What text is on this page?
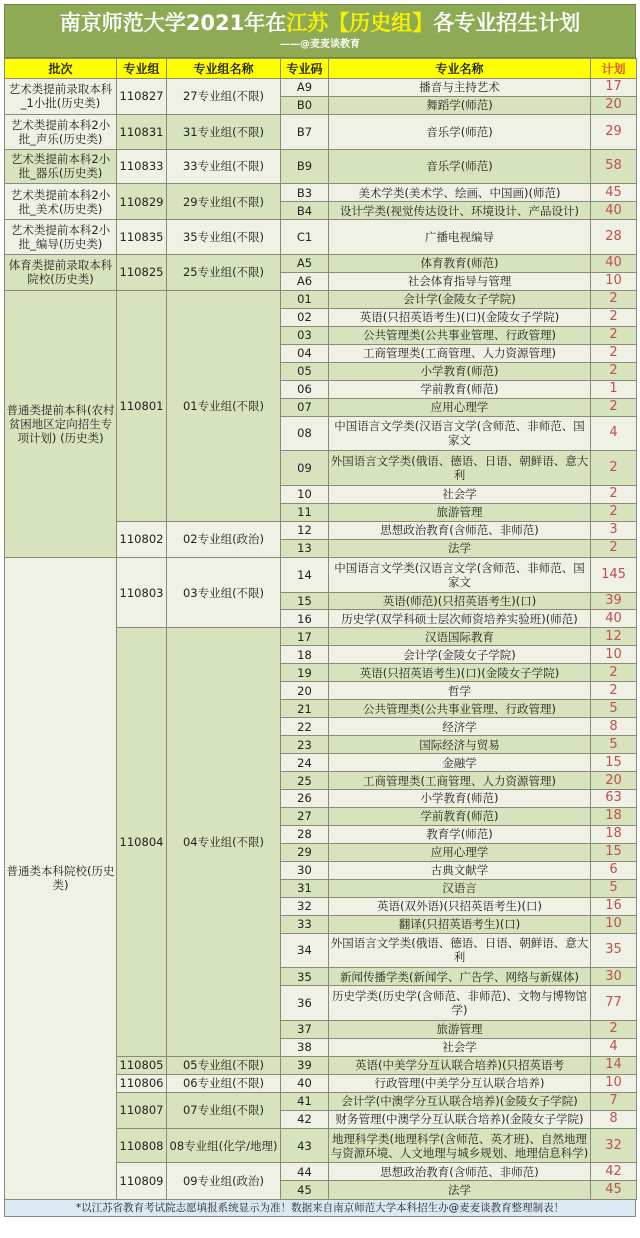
南京师范大学2021年在江苏【历史组】各专业招生计划
——@麦麦谈教育
批次	专业组	专业组名称	专业码	专业名称	计划
艺术类提前录取本科_1小批(历史类)	110827	27专业组(不限)	A9	播音与主持艺术	17
			B0	舞蹈学(师范)	20
艺术类提前本科2小批_声乐(历史类)	110831	31专业组(不限)	B7	音乐学(师范)	29
艺术类提前本科2小批_器乐(历史类)	110833	33专业组(不限)	B9	音乐学(师范)	58
艺术类提前本科2小批_美术(历史类)	110829	29专业组(不限)	B3	美术学类(美术学、绘画、中国画)(师范)	45
			B4	设计学类(视觉传达设计、环境设计、产品设计)	40
艺术类提前本科2小批_编导(历史类)	110835	35专业组(不限)	C1	广播电视编导	28
体育类提前录取本科院校(历史类)	110825	25专业组(不限)	A5	体育教育(师范)	40
			A6	社会体育指导与管理	10
普通类提前本科(农村贫困地区定向招生专项计划) (历史类)	110801	01专业组(不限)	01	会计学(金陵女子学院)	2
			02	英语(只招英语考生)(口)(金陵女子学院)	2
			03	公共管理类(公共事业管理、行政管理)	2
			04	工商管理类(工商管理、人力资源管理)	2
			05	小学教育(师范)	2
			06	学前教育(师范)	1
			07	应用心理学	2
			08	中国语言文学类(汉语言文学(含师范、非师范、国家文	4
			09	外国语言文学类(俄语、德语、日语、朝鲜语、意大利	2
			10	社会学	2
			11	旅游管理	2
	110802	02专业组(政治)	12	思想政治教育(含师范、非师范)	3
			13	法学	2
普通类本科院校(历史类)	110803	03专业组(不限)	14	中国语言文学类(汉语言文学(含师范、非师范、国家文	145
			15	英语(师范)(只招英语考生)(口)	39
			16	历史学(双学科硕士层次师资培养实验班)(师范)	40
	110804	04专业组(不限)	17	汉语国际教育	12
			18	会计学(金陵女子学院)	10
			19	英语(只招英语考生)(口)(金陵女子学院)	2
			20	哲学	2
			21	公共管理类(公共事业管理、行政管理)	5
			22	经济学	8
			23	国际经济与贸易	5
			24	金融学	15
			25	工商管理类(工商管理、人力资源管理)	20
			26	小学教育(师范)	63
			27	学前教育(师范)	18
			28	教育学(师范)	18
			29	应用心理学	15
			30	古典文献学	6
			31	汉语言	5
			32	英语(双外语)(只招英语考生)(口)	16
			33	翻译(只招英语考生)(口)	10
			34	外国语言文学类(俄语、德语、日语、朝鲜语、意大利	35
			35	新闻传播学类(新闻学、广告学、网络与新媒体)	30
			36	历史学类(历史学(含师范、非师范)、文物与博物馆学)	77
			37	旅游管理	2
			38	社会学	4
	110805	05专业组(不限)	39	英语(中美学分互认联合培养)(只招英语考	14
	110806	06专业组(不限)	40	行政管理(中美学分互认联合培养)	10
	110807	07专业组(不限)	41	会计学(中澳学分互认联合培养)(金陵女子学院)	7
			42	财务管理(中澳学分互认联合培养)(金陵女子学院)	8
	110808	08专业组(化学/地理)	43	地理科学类(地理科学(含师范、英才班)、自然地理与资源环境、人文地理与城乡规划、地理信息科学)	32
	110809	09专业组(政治)	44	思想政治教育(含师范、非师范)	42
			45	法学	45
*以江苏省教育考试院志愿填报系统显示为准！数据来自南京师范大学本科招生办@麦麦谈教育整理制表！
